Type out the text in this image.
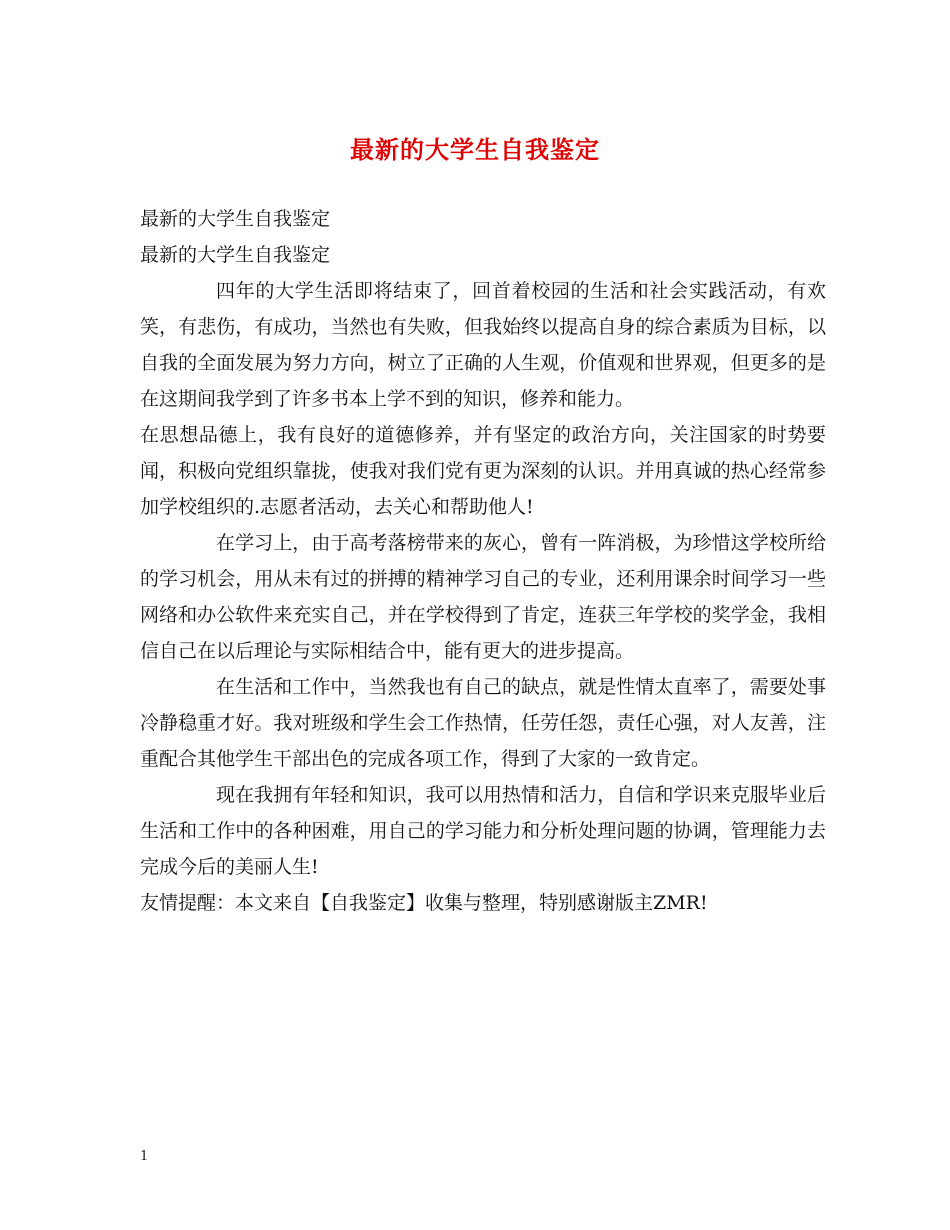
最新的大学生自我鉴定

最新的大学生自我鉴定

最新的大学生自我鉴定

四年的大学生活即将结束了，回首着校园的生活和社会实践活动，有欢笑，有悲伤，有成功，当然也有失败，但我始终以提高自身的综合素质为目标，以自我的全面发展为努力方向，树立了正确的人生观，价值观和世界观，但更多的是在这期间我学到了许多书本上学不到的知识，修养和能力。

在思想品德上，我有良好的道德修养，并有坚定的政治方向，关注国家的时势要闻，积极向党组织靠拢，使我对我们党有更为深刻的认识。并用真诚的热心经常参加学校组织的.志愿者活动，去关心和帮助他人!

在学习上，由于高考落榜带来的灰心，曾有一阵消极，为珍惜这学校所给的学习机会，用从未有过的拼搏的精神学习自己的专业，还利用课余时间学习一些网络和办公软件来充实自己，并在学校得到了肯定，连获三年学校的奖学金，我相信自己在以后理论与实际相结合中，能有更大的进步提高。

在生活和工作中，当然我也有自己的缺点，就是性情太直率了，需要处事冷静稳重才好。我对班级和学生会工作热情，任劳任怨，责任心强，对人友善，注重配合其他学生干部出色的完成各项工作，得到了大家的一致肯定。

现在我拥有年轻和知识，我可以用热情和活力，自信和学识来克服毕业后生活和工作中的各种困难，用自己的学习能力和分析处理问题的协调，管理能力去完成今后的美丽人生!

友情提醒：本文来自【自我鉴定】收集与整理，特别感谢版主ZMR!

1
